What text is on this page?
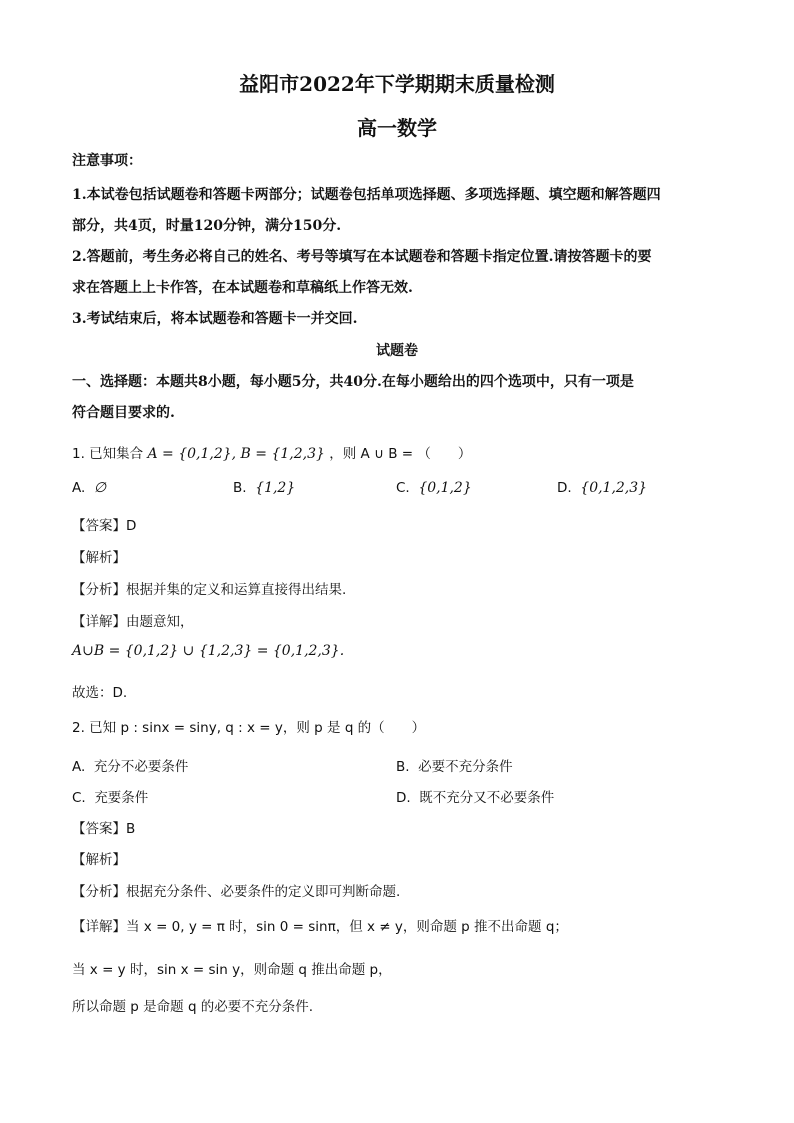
益阳市2022年下学期期末质量检测
高一数学
注意事项：
1.本试卷包括试题卷和答题卡两部分；试题卷包括单项选择题、多项选择题、填空题和解答题四
部分，共4页，时量120分钟，满分150分.
2.答题前，考生务必将自己的姓名、考号等填写在本试题卷和答题卡指定位置.请按答题卡的要
求在答题上上卡作答，在本试题卷和草稿纸上作答无效.
3.考试结束后，将本试题卷和答题卡一并交回.
试题卷
一、选择题：本题共8小题，每小题5分，共40分.在每小题给出的四个选项中，只有一项是
符合题目要求的.
1. 已知集合 A = {0,1,2}, B = {1,2,3} ，则 A ∪ B = （　　）
A. ∅	B. {1,2}	C. {0,1,2}	D. {0,1,2,3}
【答案】D
【解析】
【分析】根据并集的定义和运算直接得出结果.
【详解】由题意知，
A∪B = {0,1,2} ∪ {1,2,3} = {0,1,2,3}.
故选：D.
2. 已知 p : sinx = siny, q : x = y，则 p 是 q 的（　　）
A. 充分不必要条件	B. 必要不充分条件
C. 充要条件	D. 既不充分又不必要条件
【答案】B
【解析】
【分析】根据充分条件、必要条件的定义即可判断命题.
【详解】当 x = 0, y = π 时，sin 0 = sinπ，但 x ≠ y，则命题 p 推不出命题 q；
当 x = y 时，sin x = sin y，则命题 q 推出命题 p，
所以命题 p 是命题 q 的必要不充分条件.
